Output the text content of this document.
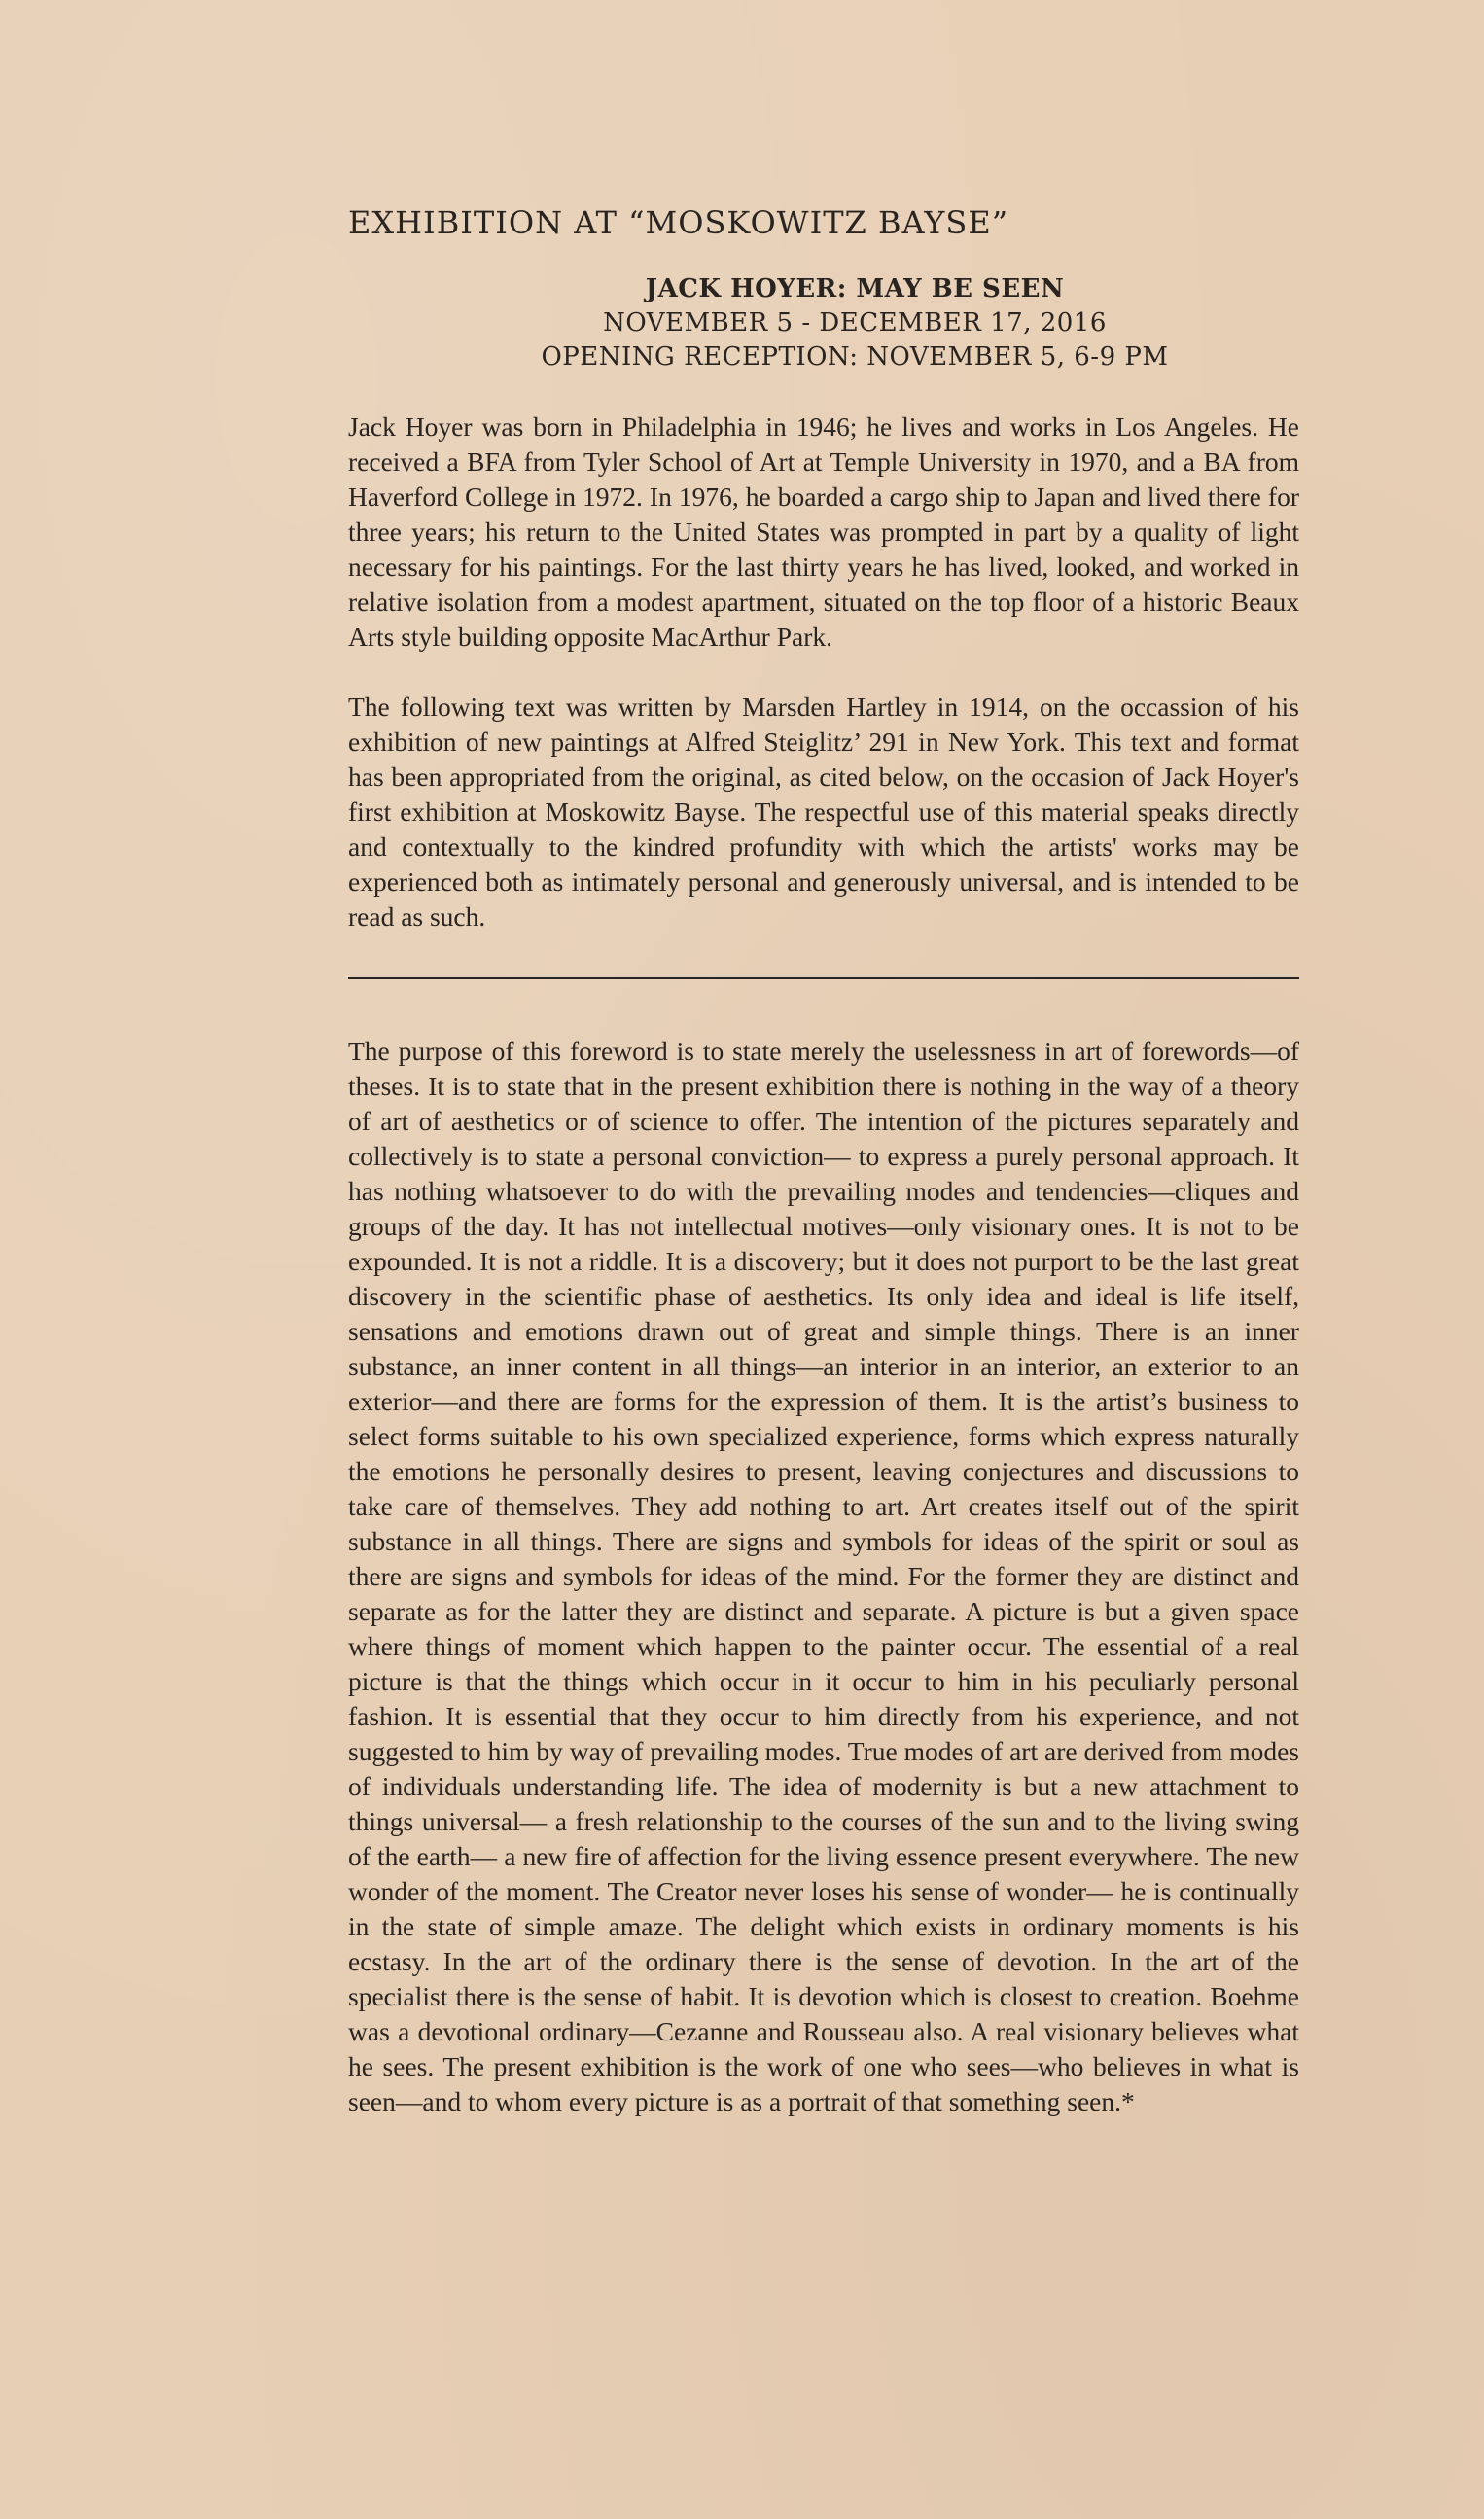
EXHIBITION AT “MOSKOWITZ BAYSE”
JACK HOYER: MAY BE SEEN
NOVEMBER 5 - DECEMBER 17, 2016
OPENING RECEPTION: NOVEMBER 5, 6-9 PM

Jack Hoyer was born in Philadelphia in 1946; he lives and works in Los Angeles. He received a BFA from Tyler School of Art at Temple University in 1970, and a BA from Haverford College in 1972. In 1976, he boarded a cargo ship to Japan and lived there for three years; his return to the United States was prompted in part by a quality of light necessary for his paintings. For the last thirty years he has lived, looked, and worked in relative isolation from a modest apartment, situated on the top floor of a historic Beaux Arts style building opposite MacArthur Park.

The following text was written by Marsden Hartley in 1914, on the occassion of his exhibition of new paintings at Alfred Steiglitz’ 291 in New York. This text and format has been appropriated from the original, as cited below, on the occasion of Jack Hoyer's first exhibition at Moskowitz Bayse. The respectful use of this material speaks directly and contextually to the kindred profundity with which the artists' works may be experienced both as intimately personal and generously universal, and is intended to be read as such.

The purpose of this foreword is to state merely the uselessness in art of forewords—of theses. It is to state that in the present exhibition there is nothing in the way of a theory of art of aesthetics or of science to offer. The intention of the pictures separately and collectively is to state a personal conviction— to express a purely personal approach. It has nothing whatsoever to do with the prevailing modes and tendencies—cliques and groups of the day. It has not intellectual motives—only visionary ones. It is not to be expounded. It is not a riddle. It is a discovery; but it does not purport to be the last great discovery in the scientific phase of aesthetics. Its only idea and ideal is life itself, sensations and emotions drawn out of great and simple things. There is an inner substance, an inner content in all things—an interior in an interior, an exterior to an exterior—and there are forms for the expression of them. It is the artist’s business to select forms suitable to his own specialized experience, forms which express naturally the emotions he personally desires to present, leaving conjectures and discussions to take care of themselves. They add nothing to art. Art creates itself out of the spirit substance in all things. There are signs and symbols for ideas of the spirit or soul as there are signs and symbols for ideas of the mind. For the former they are distinct and separate as for the latter they are distinct and separate. A picture is but a given space where things of moment which happen to the painter occur. The essential of a real picture is that the things which occur in it occur to him in his peculiarly personal fashion. It is essential that they occur to him directly from his experience, and not suggested to him by way of prevailing modes. True modes of art are derived from modes of individuals understanding life. The idea of modernity is but a new attachment to things universal— a fresh relationship to the courses of the sun and to the living swing of the earth— a new fire of affection for the living essence present everywhere. The new wonder of the moment. The Creator never loses his sense of wonder— he is continually in the state of simple amaze. The delight which exists in ordinary moments is his ecstasy. In the art of the ordinary there is the sense of devotion. In the art of the specialist there is the sense of habit. It is devotion which is closest to creation. Boehme was a devotional ordinary—Cezanne and Rousseau also. A real visionary believes what he sees. The present exhibition is the work of one who sees—who believes in what is seen—and to whom every picture is as a portrait of that something seen.*
